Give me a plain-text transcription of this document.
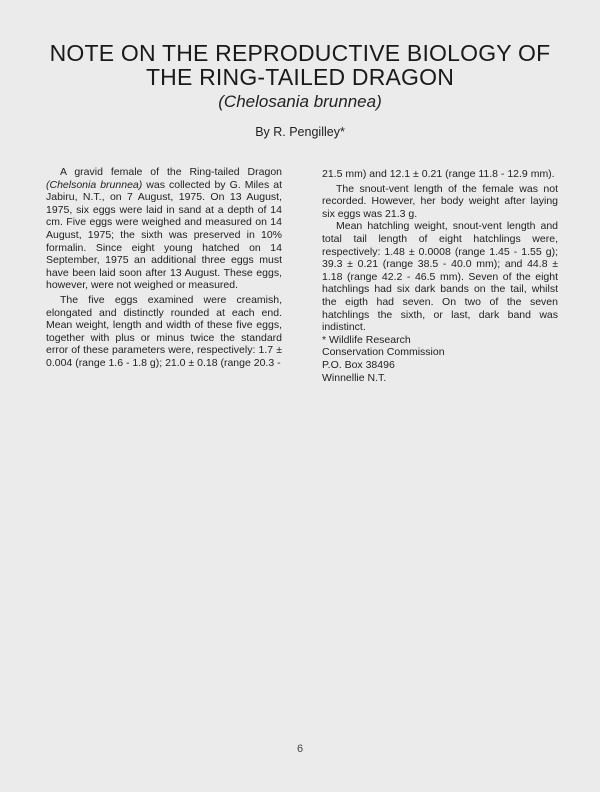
NOTE ON THE REPRODUCTIVE BIOLOGY OF
THE RING-TAILED DRAGON
(Chelosania brunnea)
By R. Pengilley*

A gravid female of the Ring-tailed Dragon (Chelsonia brunnea) was collected by G. Miles at Jabiru, N.T., on 7 August, 1975. On 13 August, 1975, six eggs were laid in sand at a depth of 14 cm. Five eggs were weighed and measured on 14 August, 1975; the sixth was preserved in 10% formalin. Since eight young hatched on 14 September, 1975 an additional three eggs must have been laid soon after 13 August. These eggs, however, were not weighed or measured.

The five eggs examined were creamish, elongated and distinctly rounded at each end. Mean weight, length and width of these five eggs, together with plus or minus twice the standard error of these parameters were, respectively: 1.7 ± 0.004 (range 1.6 - 1.8 g); 21.0 ± 0.18 (range 20.3 -

21.5 mm) and 12.1 ± 0.21 (range 11.8 - 12.9 mm).

The snout-vent length of the female was not recorded. However, her body weight after laying six eggs was 21.3 g.

Mean hatchling weight, snout-vent length and total tail length of eight hatchlings were, respectively: 1.48 ± 0.0008 (range 1.45 - 1.55 g); 39.3 ± 0.21 (range 38.5 - 40.0 mm); and 44.8 ± 1.18 (range 42.2 - 46.5 mm). Seven of the eight hatchlings had six dark bands on the tail, whilst the eigth had seven. On two of the seven hatchlings the sixth, or last, dark band was indistinct.

* Wildlife Research
Conservation Commission
P.O. Box 38496
Winnellie N.T.
6
